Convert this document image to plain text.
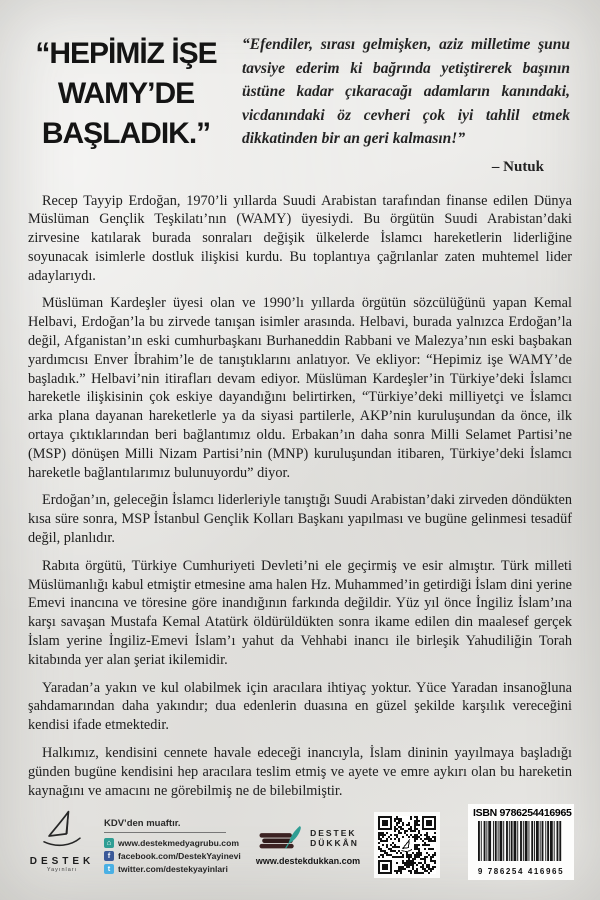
“HEPİMİZ İŞE
WAMY’DE
BAŞLADIK.”

“Efendiler, sırası gelmişken, aziz milletime şunu tavsiye ederim ki bağrında yetiştirerek başının üstüne kadar çıkaracağı adamların kanındaki, vicdanındaki öz cevheri çok iyi tahlil etmek dikkatinden bir an geri kalmasın!”

– Nutuk

Recep Tayyip Erdoğan, 1970’li yıllarda Suudi Arabistan tarafından finanse edilen Dünya Müslüman Gençlik Teşkilatı’nın (WAMY) üyesiydi. Bu örgütün Suudi Arabistan’daki zirvesine katılarak burada sonraları değişik ülkelerde İslamcı hareketlerin liderliğine soyunacak isimlerle dostluk ilişkisi kurdu. Bu toplantıya çağrılanlar zaten muhtemel lider adaylarıydı.

Müslüman Kardeşler üyesi olan ve 1990’lı yıllarda örgütün sözcülüğünü yapan Kemal Helbavi, Erdoğan’la bu zirvede tanışan isimler arasında. Helbavi, burada yalnızca Erdoğan’la değil, Afganistan’ın eski cumhurbaşkanı Burhaneddin Rabbani ve Malezya’nın eski başbakan yardımcısı Enver İbrahim’le de tanıştıklarını anlatıyor. Ve ekliyor: “Hepimiz işe WAMY’de başladık.” Helbavi’nin itirafları devam ediyor. Müslüman Kardeşler’in Türkiye’deki İslamcı hareketle ilişkisinin çok eskiye dayandığını belirtirken, “Türkiye’deki milliyetçi ve İslamcı arka plana dayanan hareketlerle ya da siyasi partilerle, AKP’nin kuruluşundan da önce, ilk ortaya çıktıklarından beri bağlantımız oldu. Erbakan’ın daha sonra Milli Selamet Partisi’ne (MSP) dönüşen Milli Nizam Partisi’nin (MNP) kuruluşundan itibaren, Türkiye’deki İslamcı hareketle bağlantılarımız bulunuyordu” diyor.

Erdoğan’ın, geleceğin İslamcı liderleriyle tanıştığı Suudi Arabistan’daki zirveden döndükten kısa süre sonra, MSP İstanbul Gençlik Kolları Başkanı yapılması ve bugüne gelinmesi tesadüf değil, planlıdır.

Rabıta örgütü, Türkiye Cumhuriyeti Devleti’ni ele geçirmiş ve esir almıştır. Türk milleti Müslümanlığı kabul etmiştir etmesine ama halen Hz. Muhammed’in getirdiği İslam dini yerine Emevi inancına ve töresine göre inandığının farkında değildir. Yüz yıl önce İngiliz İslam’ına karşı savaşan Mustafa Kemal Atatürk öldürüldükten sonra ikame edilen din maalesef gerçek İslam yerine İngiliz-Emevi İslam’ı yahut da Vehhabi inancı ile birleşik Yahudiliğin Torah kitabında yer alan şeriat ikilemidir.

Yaradan’a yakın ve kul olabilmek için aracılara ihtiyaç yoktur. Yüce Yaradan insanoğluna şahdamarından daha yakındır; dua edenlerin duasına en güzel şekilde karşılık vereceğini kendisi ifade etmektedir.

Halkımız, kendisini cennete havale edeceği inancıyla, İslam dininin yayılmaya başladığı günden bugüne kendisini hep aracılara teslim etmiş ve ayete ve emre aykırı olan bu hareketin kaynağını ve amacını ne görebilmiş ne de bilebilmiştir.

DESTEK
Yayınları
KDV’den muaftır.
⌂ www.destekmedyagrubu.com
f facebook.com/DestekYayinevi
t twitter.com/destekyayinlari
DESTEK
DÜKKÂN
www.destekdukkan.com
ISBN 9786254416965
9 786254 416965
